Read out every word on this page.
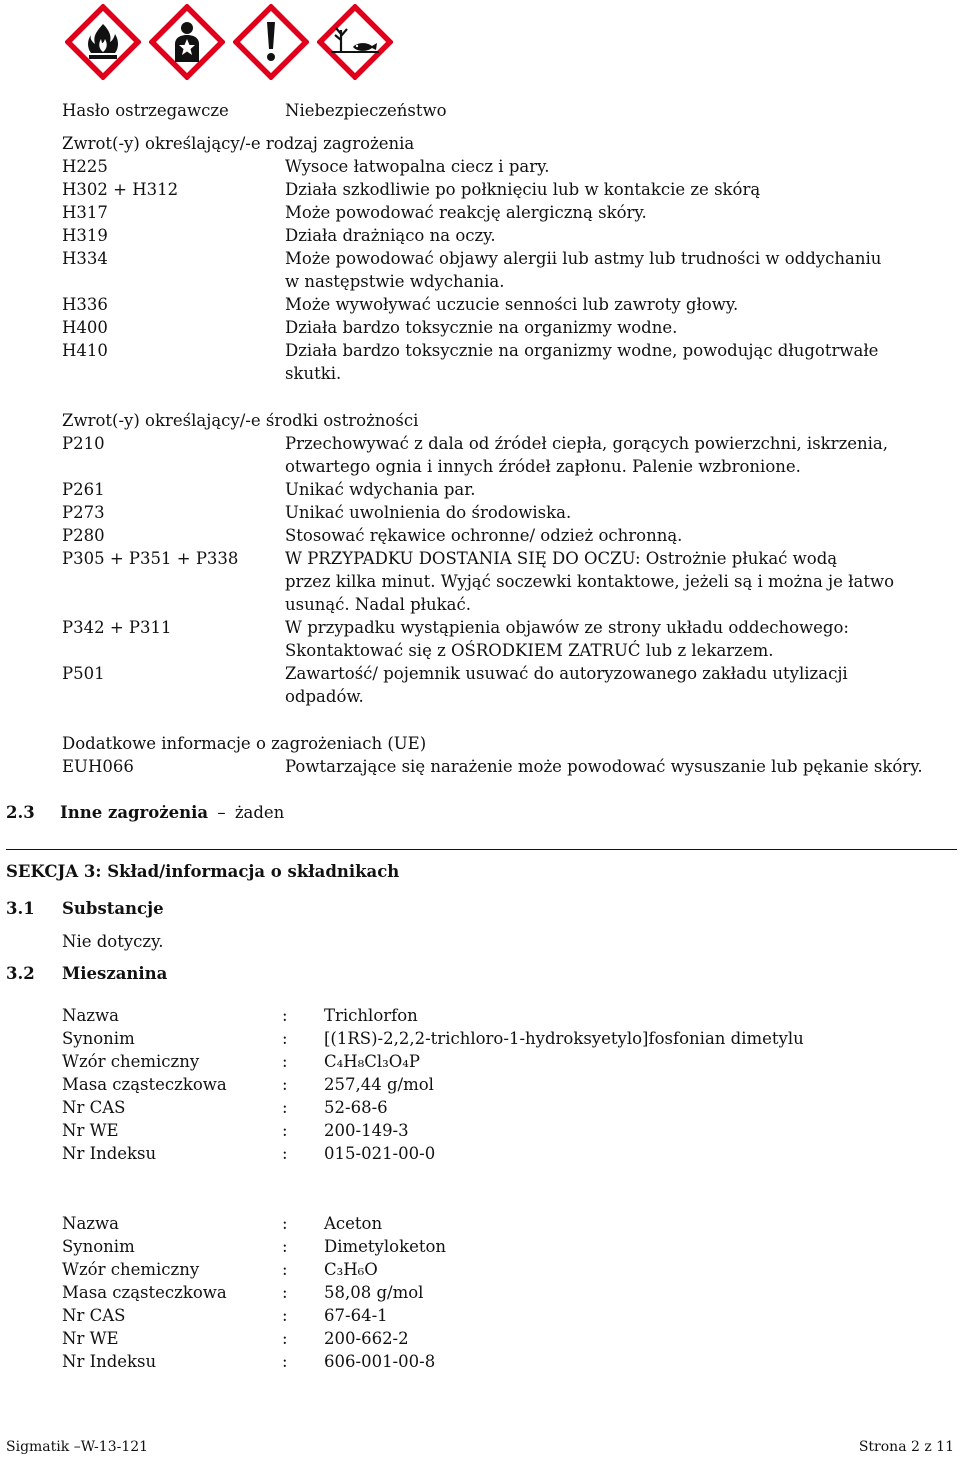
Hasło ostrzegawcze	Niebezpieczeństwo
Zwrot(-y) określający/-e rodzaj zagrożenia
H225	Wysoce łatwopalna ciecz i pary.
H302 + H312	Działa szkodliwie po połknięciu lub w kontakcie ze skórą
H317	Może powodować reakcję alergiczną skóry.
H319	Działa drażniąco na oczy.
H334	Może powodować objawy alergii lub astmy lub trudności w oddychaniu
w następstwie wdychania.
H336	Może wywoływać uczucie senności lub zawroty głowy.
H400	Działa bardzo toksycznie na organizmy wodne.
H410	Działa bardzo toksycznie na organizmy wodne, powodując długotrwałe
skutki.
Zwrot(-y) określający/-e środki ostrożności
P210	Przechowywać z dala od źródeł ciepła, gorących powierzchni, iskrzenia,
otwartego ognia i innych źródeł zapłonu. Palenie wzbronione.
P261	Unikać wdychania par.
P273	Unikać uwolnienia do środowiska.
P280	Stosować rękawice ochronne/ odzież ochronną.
P305 + P351 + P338	W PRZYPADKU DOSTANIA SIĘ DO OCZU: Ostrożnie płukać wodą
przez kilka minut. Wyjąć soczewki kontaktowe, jeżeli są i można je łatwo
usunąć. Nadal płukać.
P342 + P311	W przypadku wystąpienia objawów ze strony układu oddechowego:
Skontaktować się z OŚRODKIEM ZATRUĆ lub z lekarzem.
P501	Zawartość/ pojemnik usuwać do autoryzowanego zakładu utylizacji
odpadów.
Dodatkowe informacje o zagrożeniach (UE)
EUH066	Powtarzające się narażenie może powodować wysuszanie lub pękanie skóry.
2.3 Inne zagrożenia – żaden
SEKCJA 3: Skład/informacja o składnikach
3.1 Substancje
Nie dotyczy.
3.2 Mieszanina
Nazwa	: Trichlorfon
Synonim	: [(1RS)-2,2,2-trichloro-1-hydroksyetylo]fosfonian dimetylu
Wzór chemiczny	: C₄H₈Cl₃O₄P
Masa cząsteczkowa	: 257,44 g/mol
Nr CAS	: 52-68-6
Nr WE	: 200-149-3
Nr Indeksu	: 015-021-00-0
Nazwa	: Aceton
Synonim	: Dimetyloketon
Wzór chemiczny	: C₃H₆O
Masa cząsteczkowa	: 58,08 g/mol
Nr CAS	: 67-64-1
Nr WE	: 200-662-2
Nr Indeksu	: 606-001-00-8
Sigmatik –W-13-121	Strona 2 z 11
